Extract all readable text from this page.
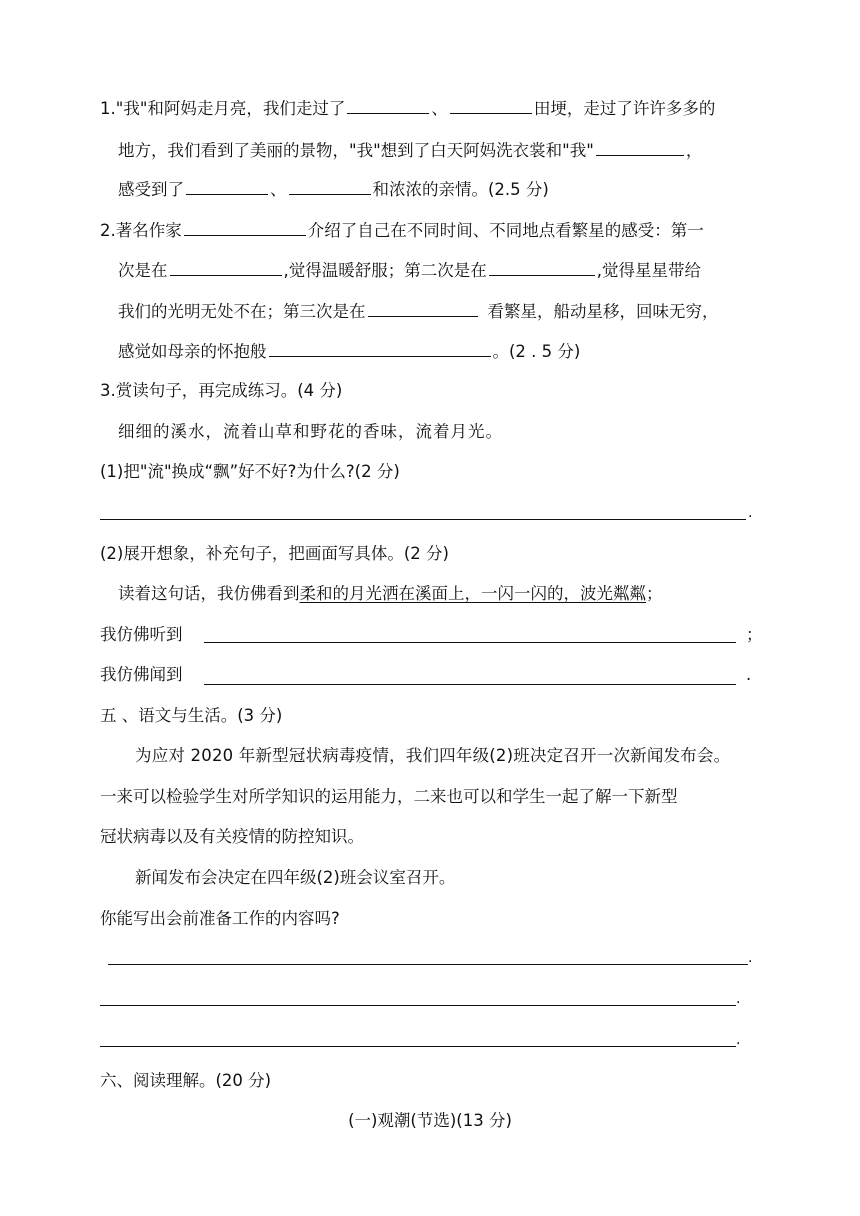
1."我"和阿妈走月亮，我们走过了	、	田埂，走过了许许多多的
地方，我们看到了美丽的景物，"我"想到了白天阿妈洗衣裳和"我"	，
感受到了	、	和浓浓的亲情。(2.5 分)
2.著名作家	介绍了自己在不同时间、不同地点看繁星的感受：第一
次是在	,觉得温暖舒服；第二次是在	,觉得星星带给
我们的光明无处不在；第三次是在	看繁星，船动星移，回味无穷，
感觉如母亲的怀抱般	。(2 . 5 分)
3.赏读句子，再完成练习。(4 分)
细细的溪水，流着山草和野花的香味，流着月光。
(1)把"流"换成“飘”好不好?为什么?(2 分)
.
(2)展开想象，补充句子，把画面写具体。(2 分)
读着这句话，我仿佛看到柔和的月光洒在溪面上，一闪一闪的，波光粼粼；
我仿佛听到	；
我仿佛闻到	.
五 、语文与生活。(3 分)
为应对 2020 年新型冠状病毒疫情，我们四年级(2)班决定召开一次新闻发布会。
一来可以检验学生对所学知识的运用能力，二来也可以和学生一起了解一下新型
冠状病毒以及有关疫情的防控知识。
新闻发布会决定在四年级(2)班会议室召开。
你能写出会前准备工作的内容吗?
.
.
.
六、阅读理解。(20 分)
(一)观潮(节选)(13 分)
